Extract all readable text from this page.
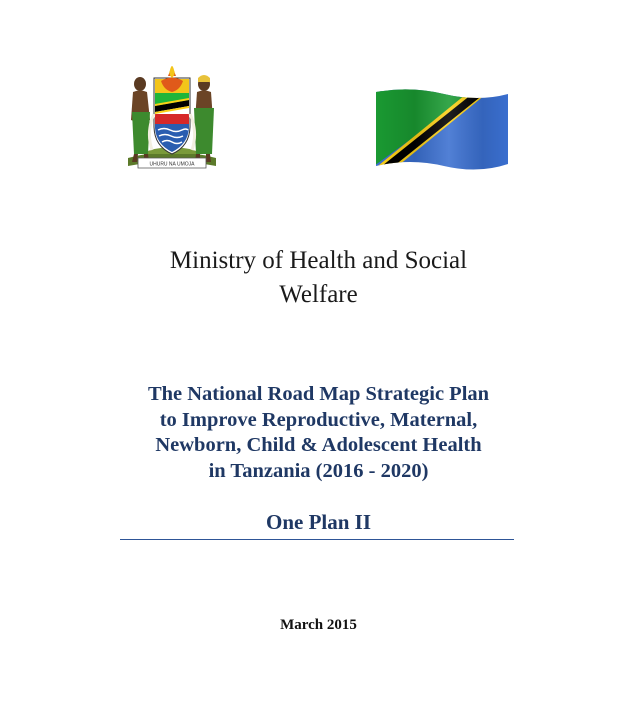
UHURU NA UMOJA
Ministry of Health and Social
Welfare
The National Road Map Strategic Plan
to Improve Reproductive, Maternal,
Newborn, Child & Adolescent Health
in Tanzania (2016 - 2020)
One Plan II
March 2015
